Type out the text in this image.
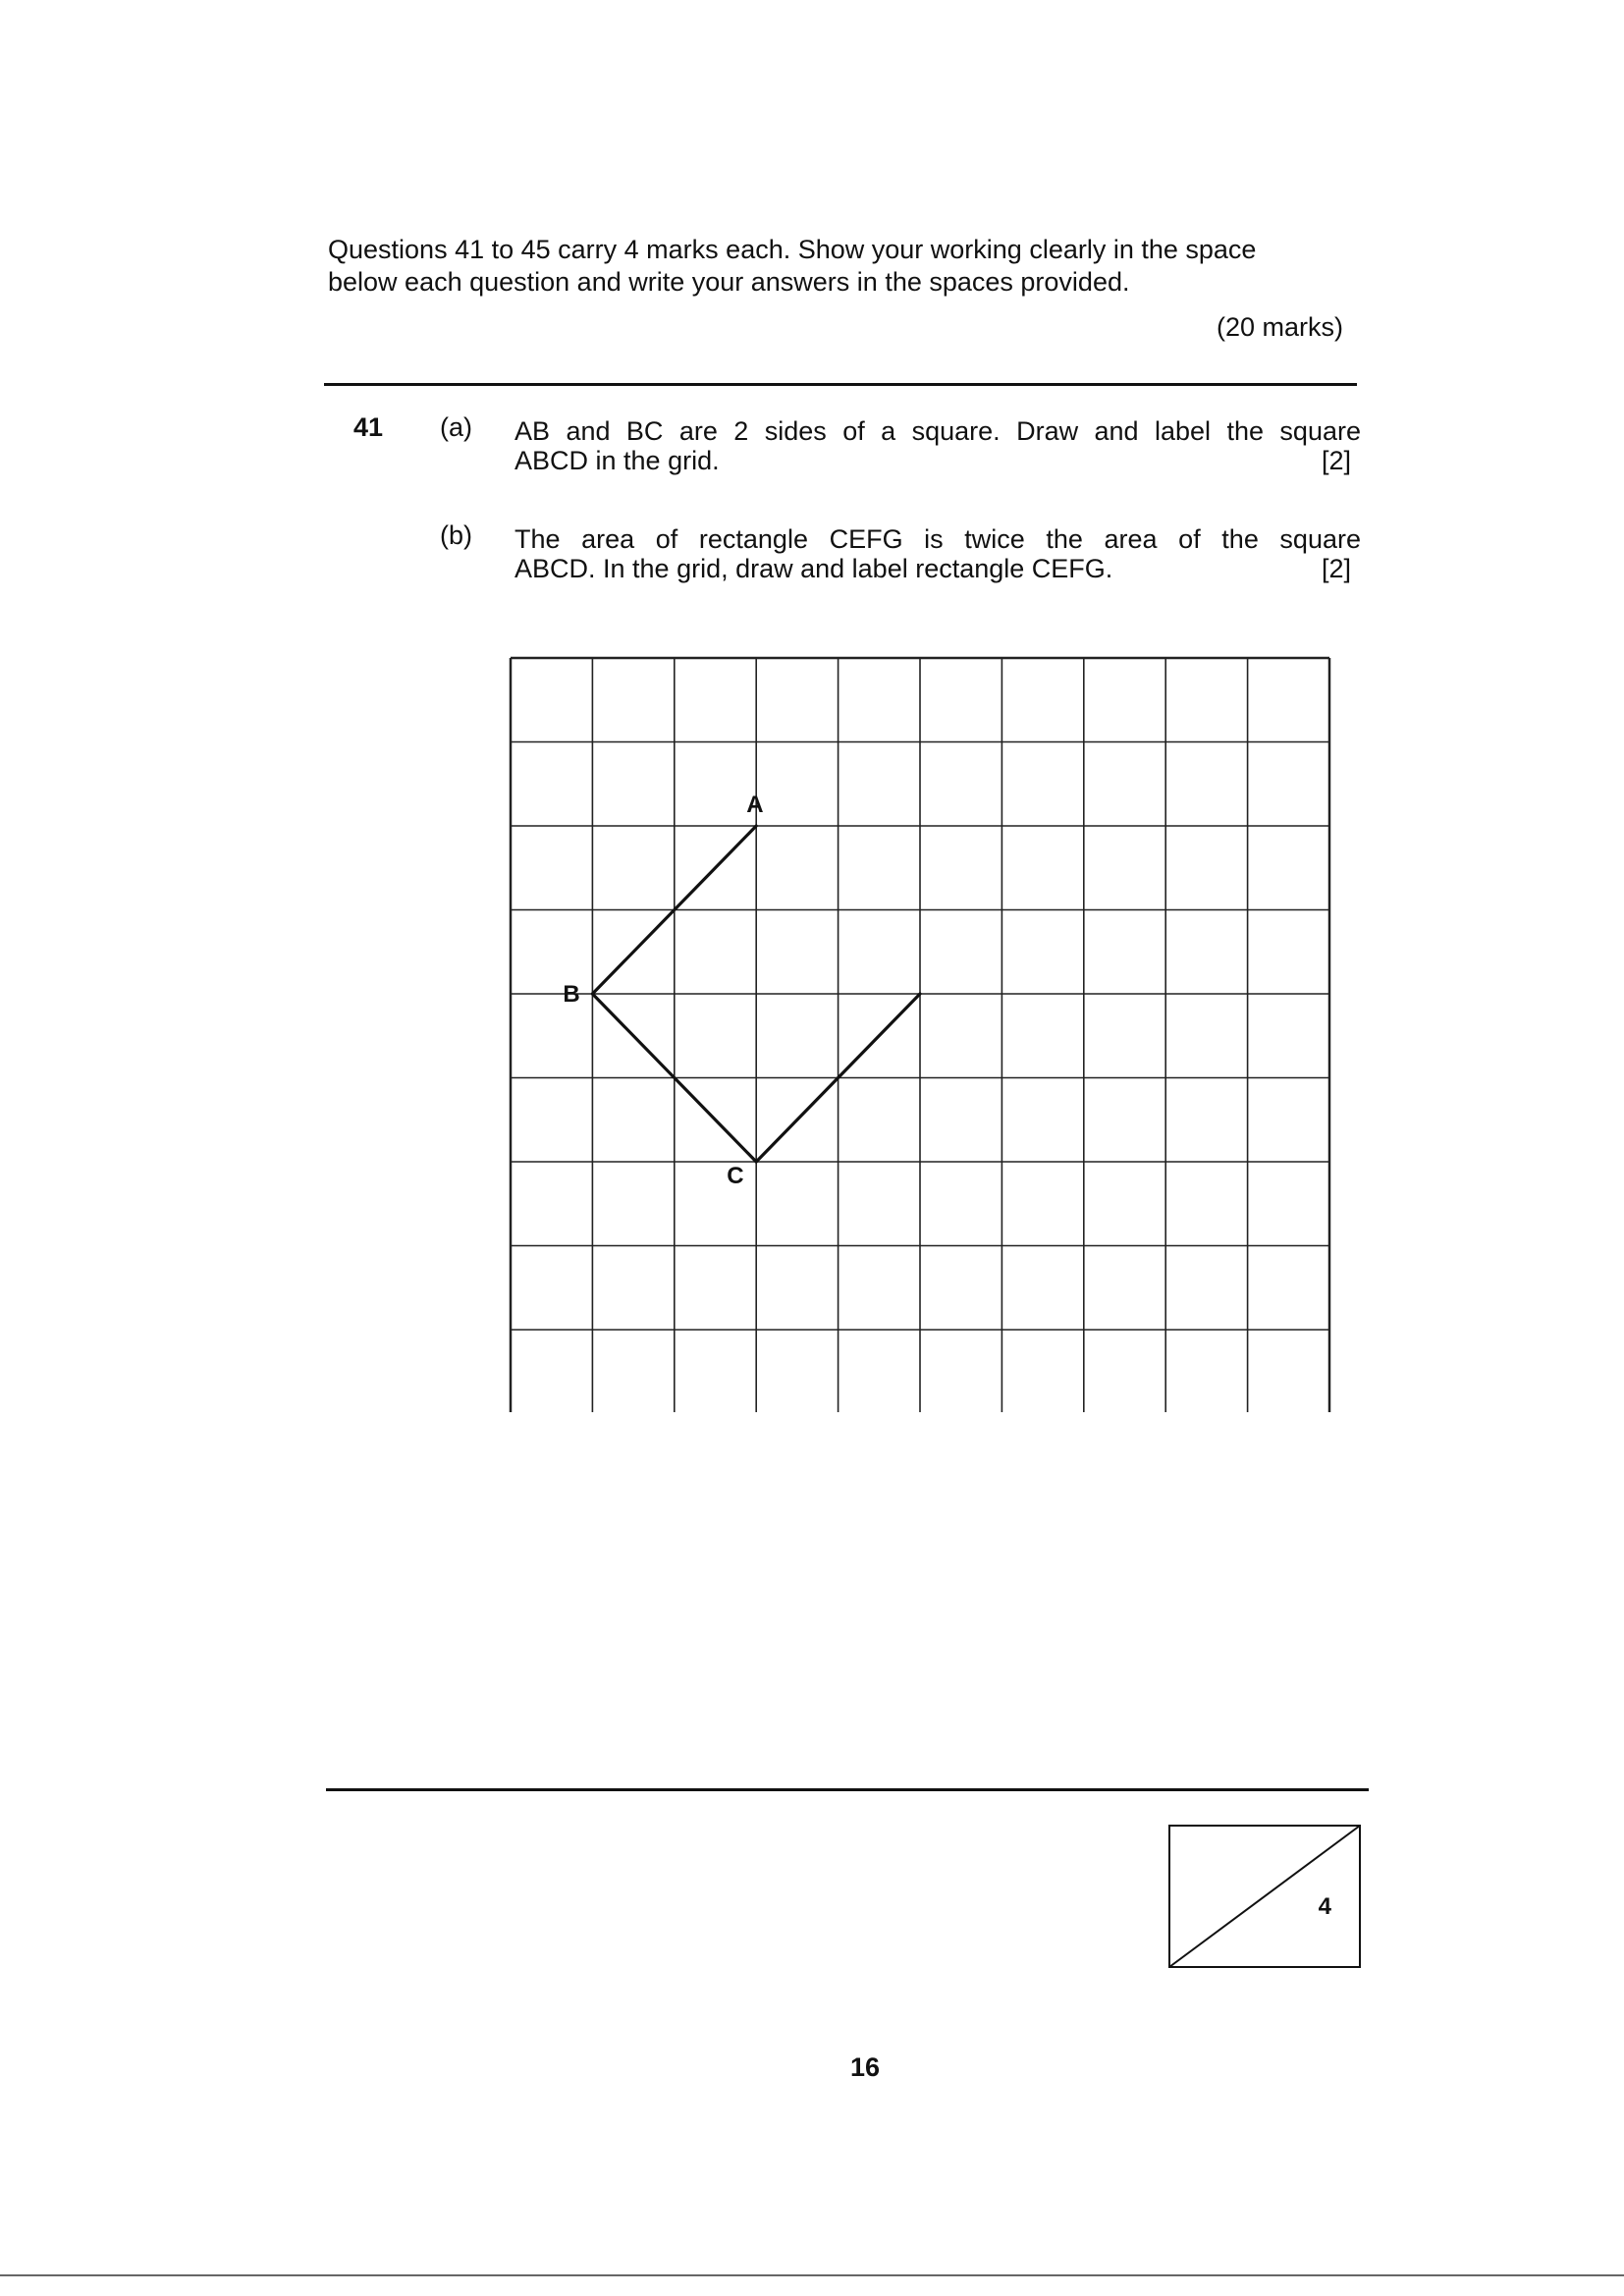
Questions 41 to 45 carry 4 marks each. Show your working clearly in the space
below each question and write your answers in the spaces provided.
(20 marks)
41 (a) AB and BC are 2 sides of a square. Draw and label the square
ABCD in the grid.	[2]
(b) The area of rectangle CEFG is twice the area of the square
ABCD. In the grid, draw and label rectangle CEFG.	[2]
A
B
C
4
16
